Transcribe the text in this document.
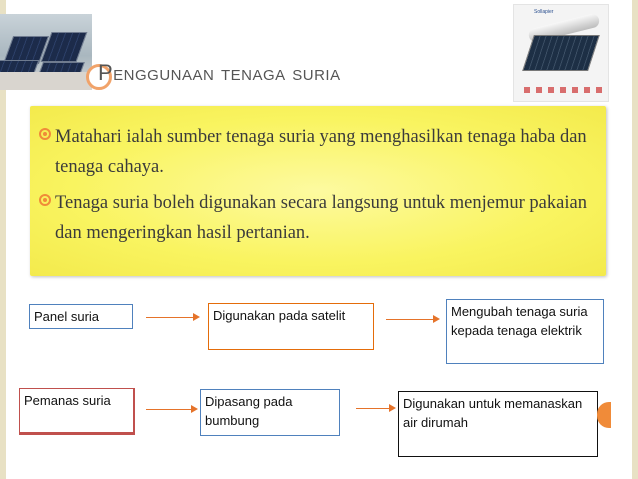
Sollapier
Penggunaan tenaga suria
Matahari ialah sumber tenaga suria yang menghasilkan tenaga haba dan tenaga cahaya.
Tenaga suria boleh digunakan secara langsung untuk menjemur pakaian dan mengeringkan hasil pertanian.
Panel suria	Digunakan pada satelit	Mengubah tenaga suria kepada tenaga elektrik
Pemanas suria	Dipasang pada bumbung
Digunakan untuk memanaskan air dirumah
